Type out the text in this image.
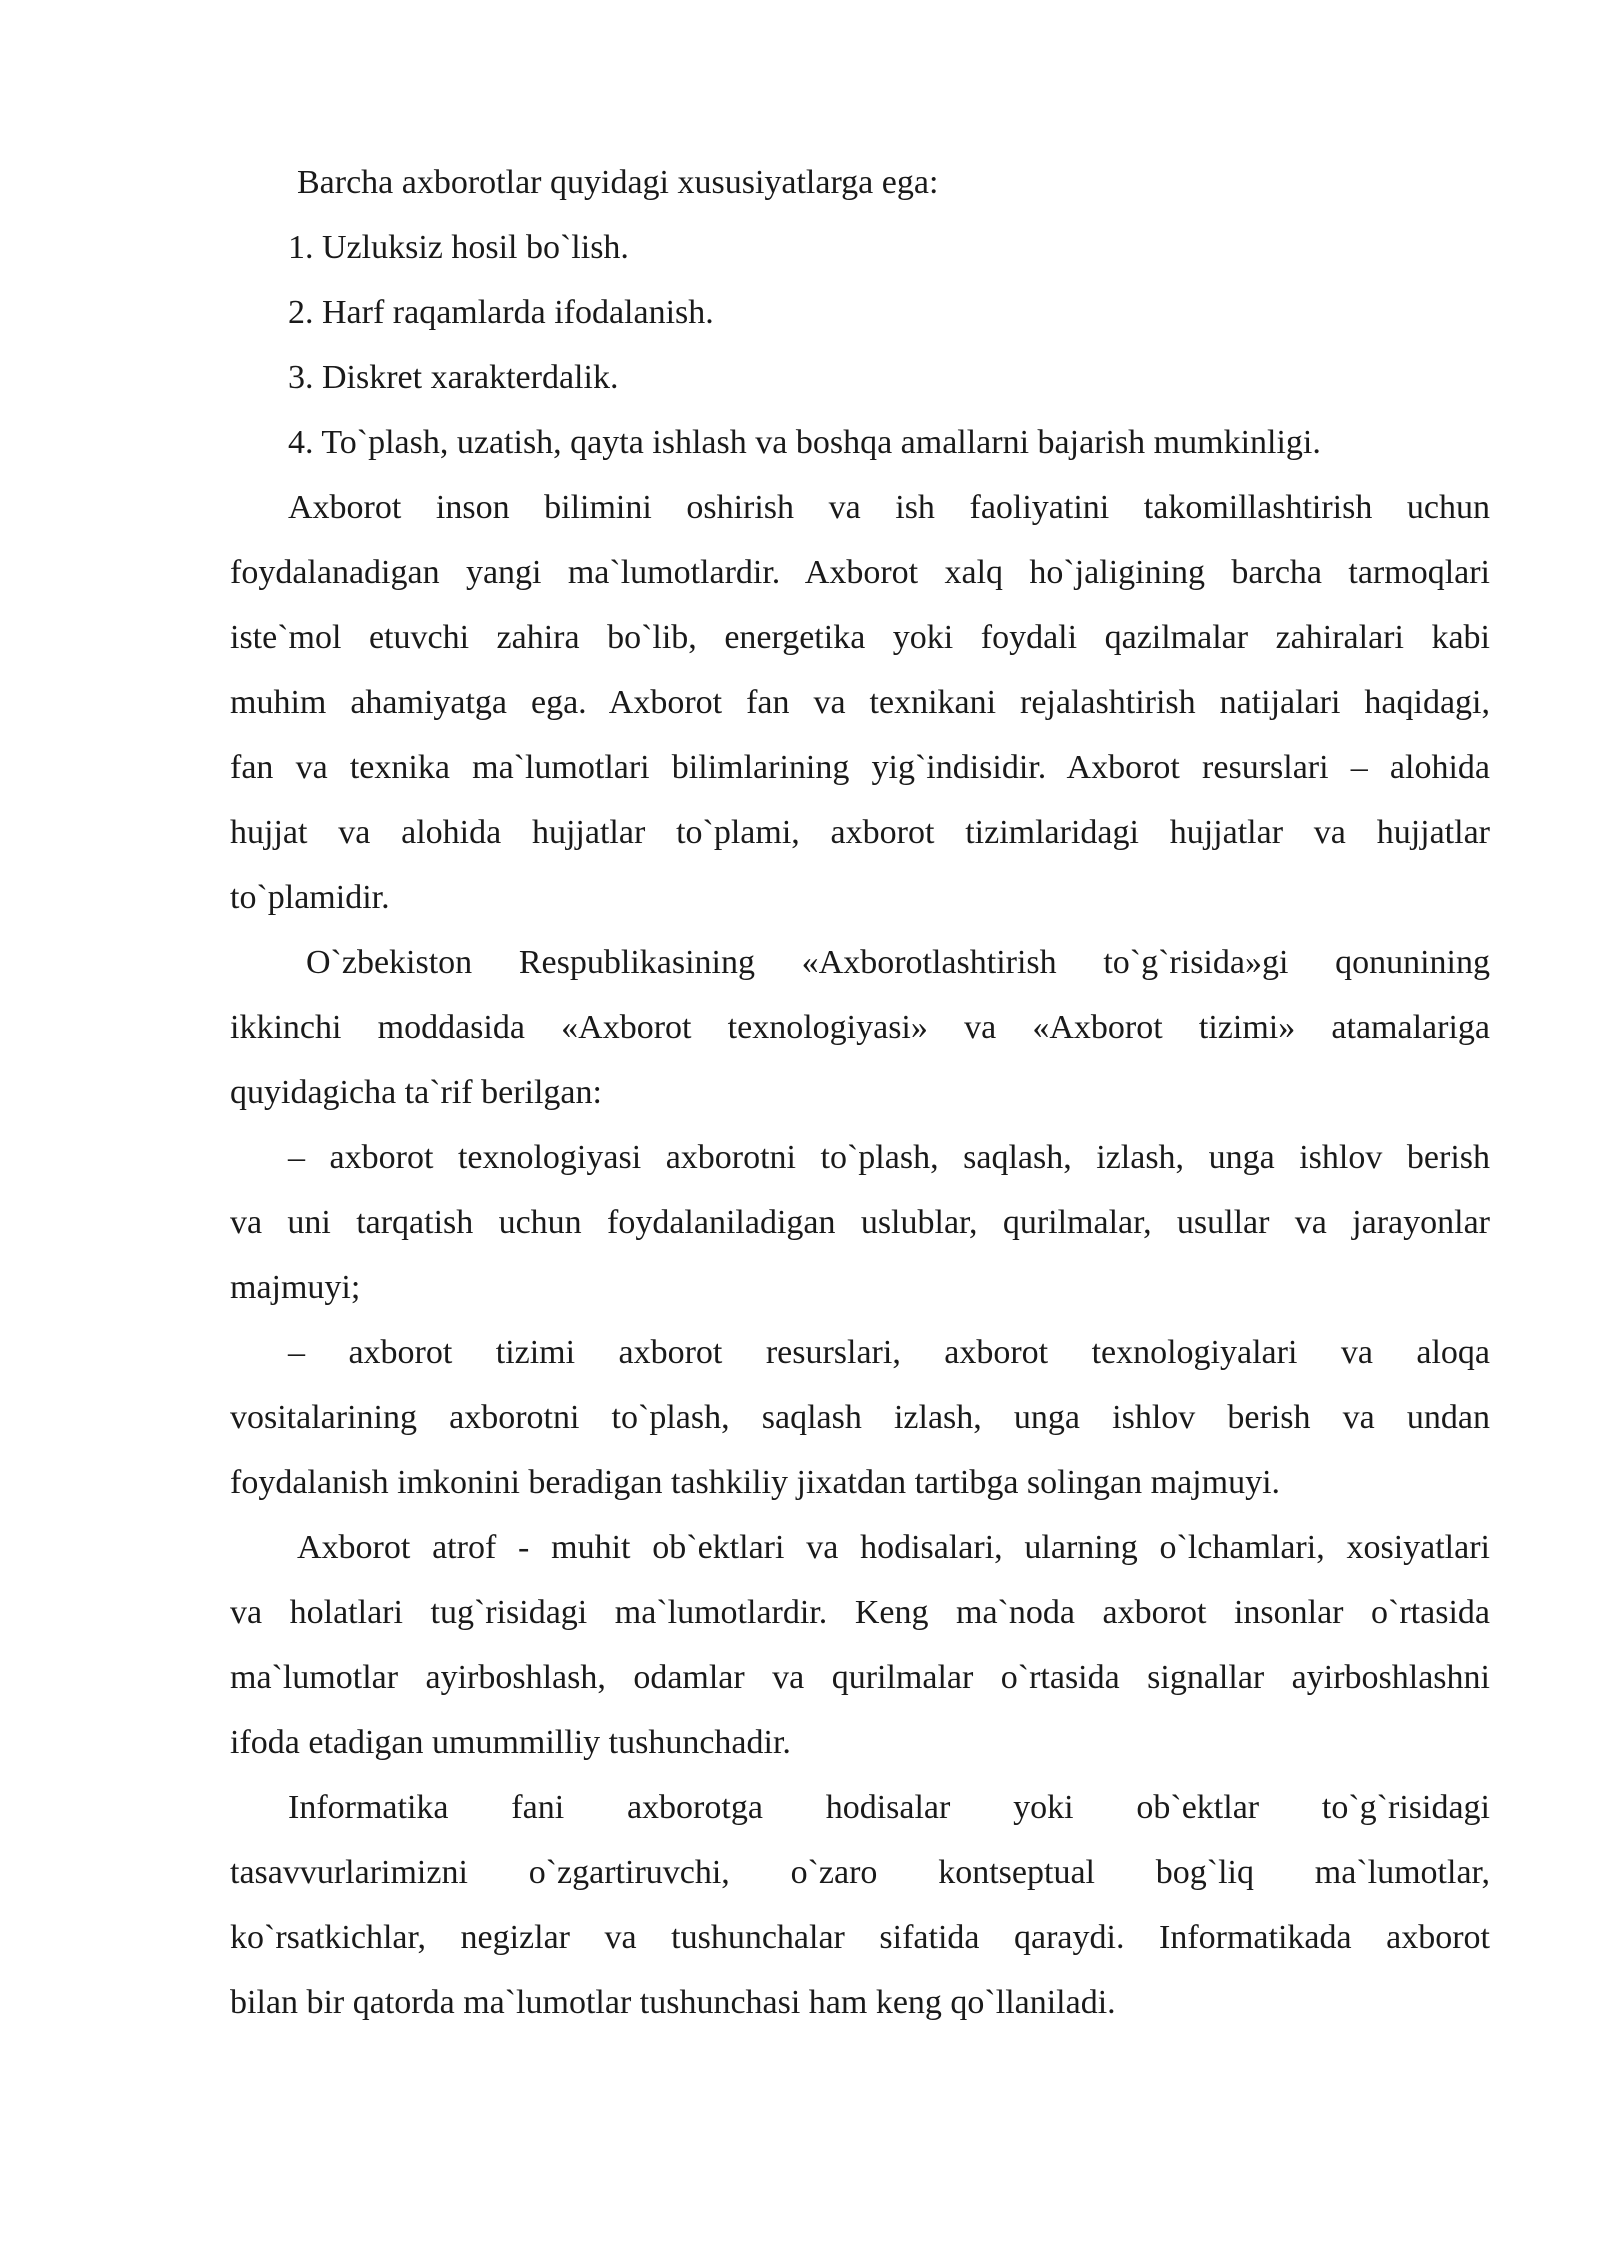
Barcha axborotlar quyidagi xususiyatlarga ega:

1. Uzluksiz hosil bo`lish.

2. Harf raqamlarda ifodalanish.

3. Diskret xarakterdalik.

4. To`plash, uzatish, qayta ishlash va boshqa amallarni bajarish mumkinligi.

Axborot inson bilimini oshirish va ish faoliyatini takomillashtirish uchun

foydalanadigan yangi ma`lumotlardir. Axborot xalq ho`jaligining barcha tarmoqlari

iste`mol etuvchi zahira bo`lib, energetika yoki foydali qazilmalar zahiralari kabi

muhim ahamiyatga ega. Axborot fan va texnikani rejalashtirish natijalari haqidagi,

fan va texnika ma`lumotlari bilimlarining yig`indisidir. Axborot resurslari – alohida

hujjat va alohida hujjatlar to`plami, axborot tizimlaridagi hujjatlar va hujjatlar

to`plamidir.

O`zbekiston Respublikasining «Axborotlashtirish to`g`risida»gi qonunining

ikkinchi moddasida «Axborot texnologiyasi» va «Axborot tizimi» atamalariga

quyidagicha ta`rif berilgan:

– axborot texnologiyasi axborotni to`plash, saqlash, izlash, unga ishlov berish

va uni tarqatish uchun foydalaniladigan uslublar, qurilmalar, usullar va jarayonlar

majmuyi;

– axborot tizimi axborot resurslari, axborot texnologiyalari va aloqa

vositalarining axborotni to`plash, saqlash izlash, unga ishlov berish va undan

foydalanish imkonini beradigan tashkiliy jixatdan tartibga solingan majmuyi.

Axborot atrof - muhit ob`ektlari va hodisalari, ularning o`lchamlari, xosiyatlari

va holatlari tug`risidagi ma`lumotlardir. Keng ma`noda axborot insonlar o`rtasida

ma`lumotlar ayirboshlash, odamlar va qurilmalar o`rtasida signallar ayirboshlashni

ifoda etadigan umummilliy tushunchadir.

Informatika fani axborotga hodisalar yoki ob`ektlar to`g`risidagi

tasavvurlarimizni o`zgartiruvchi, o`zaro kontseptual bog`liq ma`lumotlar,

ko`rsatkichlar, negizlar va tushunchalar sifatida qaraydi. Informatikada axborot

bilan bir qatorda ma`lumotlar tushunchasi ham keng qo`llaniladi.
